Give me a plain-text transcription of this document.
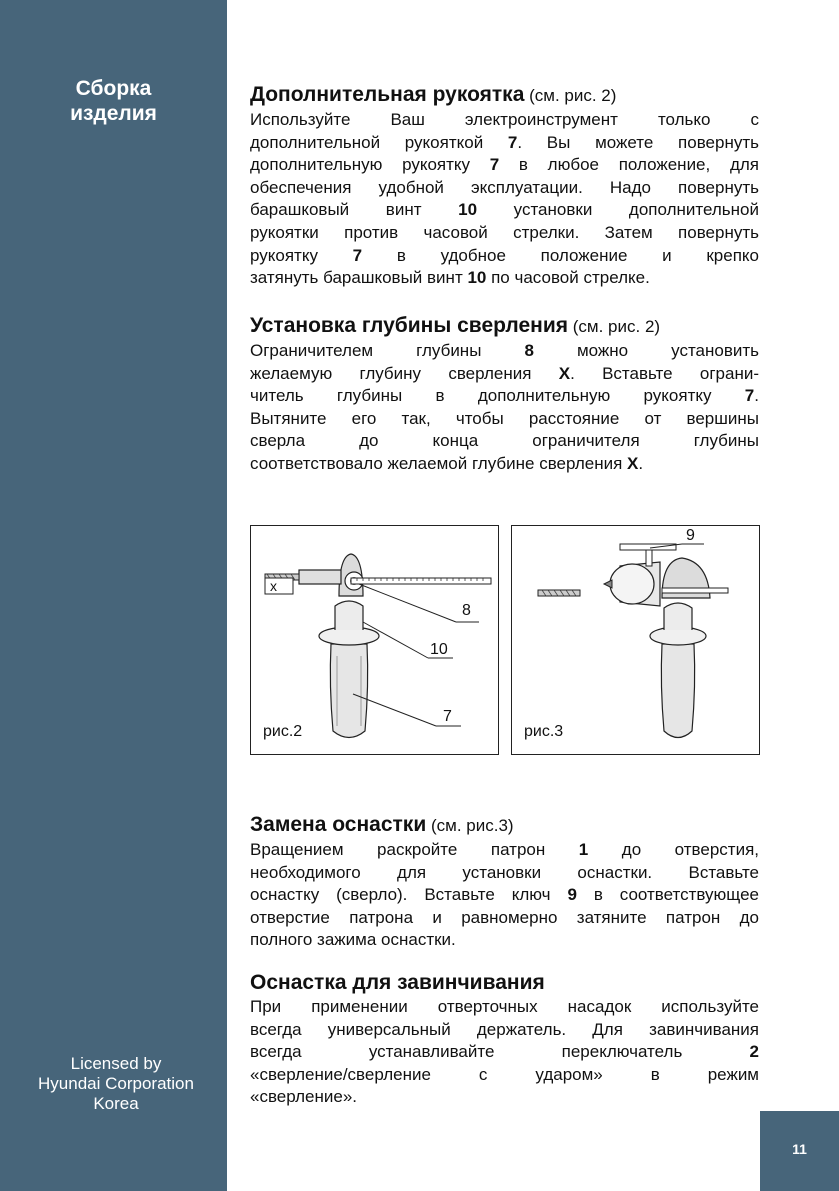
Сборка
изделия
Licensed by
Hyundai Corporation
Korea
11
Дополнительная рукоятка (см. рис. 2)

Используйте Ваш электроинструмент только с
дополнительной рукояткой 7. Вы можете повернуть
дополнительную рукоятку 7 в любое положение, для
обеспечения удобной эксплуатации. Надо повернуть
барашковый винт 10 установки дополнительной
рукоятки против часовой стрелки. Затем повернуть
рукоятку 7 в удобное положение и крепко
затянуть барашковый винт 10 по часовой стрелке.

Установка глубины сверления (см. рис. 2)

Ограничителем глубины 8 можно установить
желаемую глубину сверления X. Вставьте ограни-
читель глубины в дополнительную рукоятку 7.
Вытяните его так, чтобы расстояние от вершины
сверла до конца ограничителя глубины
соответствовало желаемой глубине сверления X.

x
8
10
7
рис.2
9
рис.3
Замена оснастки (см. рис.3)

Вращением раскройте патрон 1 до отверстия,
необходимого для установки оснастки. Вставьте
оснастку (сверло). Вставьте ключ 9 в соответствующее
отверстие патрона и равномерно затяните патрон до
полного зажима оснастки.

Оснастка для завинчивания

При применении отверточных насадок используйте
всегда универсальный держатель. Для завинчивания
всегда устанавливайте переключатель 2
«сверление/сверление с ударом» в режим
«сверление».
